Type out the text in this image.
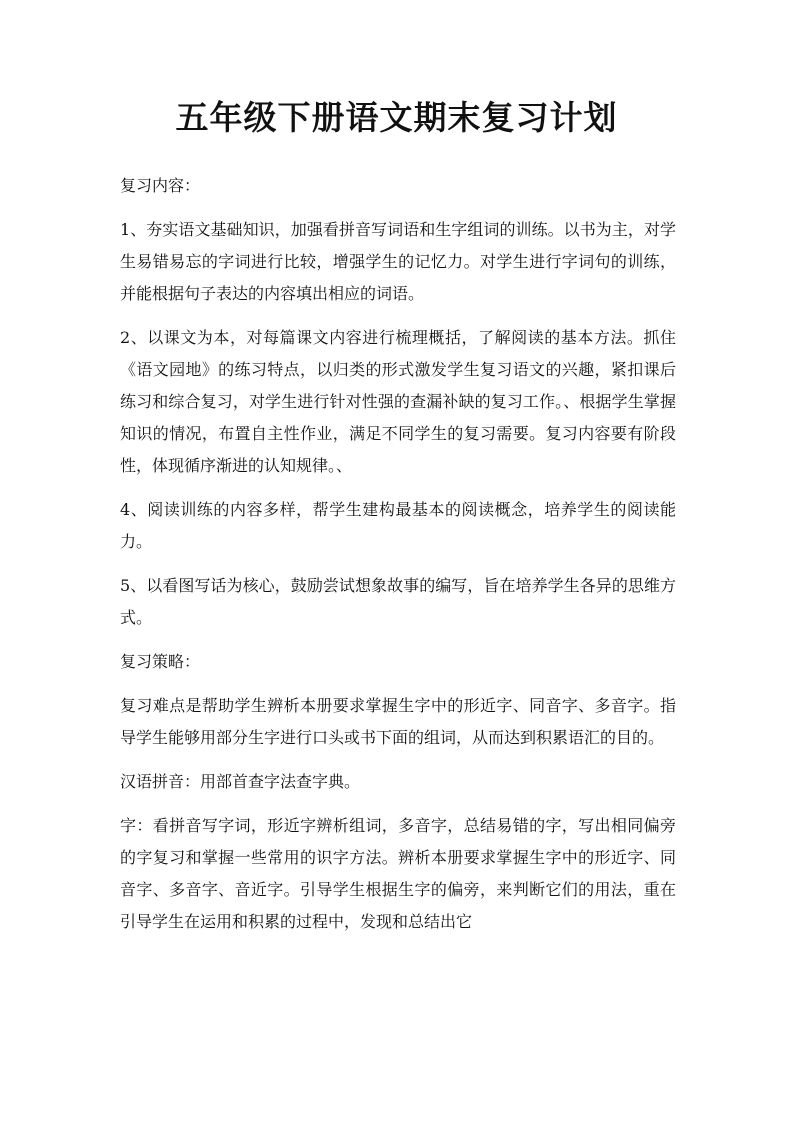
五年级下册语文期末复习计划

复习内容：

1、夯实语文基础知识，加强看拼音写词语和生字组词的训练。以书为主，对学生易错易忘的字词进行比较，增强学生的记忆力。对学生进行字词句的训练，并能根据句子表达的内容填出相应的词语。

2、以课文为本，对每篇课文内容进行梳理概括，了解阅读的基本方法。抓住《语文园地》的练习特点，以归类的形式激发学生复习语文的兴趣，紧扣课后练习和综合复习，对学生进行针对性强的查漏补缺的复习工作。、根据学生掌握知识的情况，布置自主性作业，满足不同学生的复习需要。复习内容要有阶段性，体现循序渐进的认知规律。、

4、阅读训练的内容多样，帮学生建构最基本的阅读概念，培养学生的阅读能力。

5、以看图写话为核心，鼓励尝试想象故事的编写，旨在培养学生各异的思维方式。

复习策略：

复习难点是帮助学生辨析本册要求掌握生字中的形近字、同音字、多音字。指导学生能够用部分生字进行口头或书下面的组词，从而达到积累语汇的目的。

汉语拼音：用部首查字法查字典。

字：看拼音写字词，形近字辨析组词，多音字，总结易错的字，写出相同偏旁的字复习和掌握一些常用的识字方法。辨析本册要求掌握生字中的形近字、同音字、多音字、音近字。引导学生根据生字的偏旁，来判断它们的用法，重在引导学生在运用和积累的过程中，发现和总结出它
